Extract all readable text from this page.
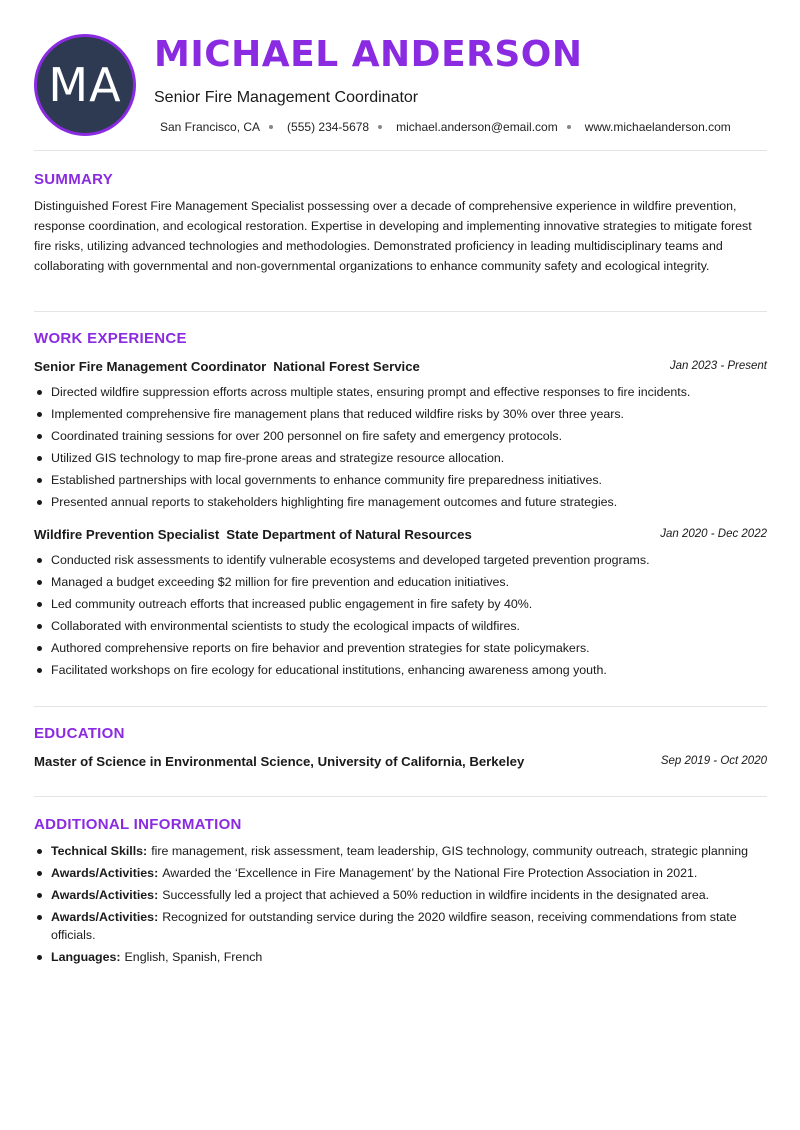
MA
MICHAEL ANDERSON
Senior Fire Management Coordinator
San Francisco, CA (555) 234-5678 michael.anderson@email.com www.michaelanderson.com
SUMMARY

Distinguished Forest Fire Management Specialist possessing over a decade of comprehensive experience in wildfire prevention, response coordination, and ecological restoration. Expertise in developing and implementing innovative strategies to mitigate forest fire risks, utilizing advanced technologies and methodologies. Demonstrated proficiency in leading multidisciplinary teams and collaborating with governmental and non-governmental organizations to enhance community safety and ecological integrity.

WORK EXPERIENCE
Senior Fire Management Coordinator National Forest Service	Jan 2023 - Present
Directed wildfire suppression efforts across multiple states, ensuring prompt and effective responses to fire incidents.
Implemented comprehensive fire management plans that reduced wildfire risks by 30% over three years.
Coordinated training sessions for over 200 personnel on fire safety and emergency protocols.
Utilized GIS technology to map fire-prone areas and strategize resource allocation.
Established partnerships with local governments to enhance community fire preparedness initiatives.
Presented annual reports to stakeholders highlighting fire management outcomes and future strategies.
Wildfire Prevention Specialist State Department of Natural Resources	Jan 2020 - Dec 2022
Conducted risk assessments to identify vulnerable ecosystems and developed targeted prevention programs.
Managed a budget exceeding $2 million for fire prevention and education initiatives.
Led community outreach efforts that increased public engagement in fire safety by 40%.
Collaborated with environmental scientists to study the ecological impacts of wildfires.
Authored comprehensive reports on fire behavior and prevention strategies for state policymakers.
Facilitated workshops on fire ecology for educational institutions, enhancing awareness among youth.
EDUCATION
Master of Science in Environmental Science, University of California, Berkeley	Sep 2019 - Oct 2020
ADDITIONAL INFORMATION
Technical Skills: fire management, risk assessment, team leadership, GIS technology, community outreach, strategic planning
Awards/Activities: Awarded the ‘Excellence in Fire Management’ by the National Fire Protection Association in 2021.
Awards/Activities: Successfully led a project that achieved a 50% reduction in wildfire incidents in the designated area.
Awards/Activities: Recognized for outstanding service during the 2020 wildfire season, receiving commendations from state officials.
Languages: English, Spanish, French
